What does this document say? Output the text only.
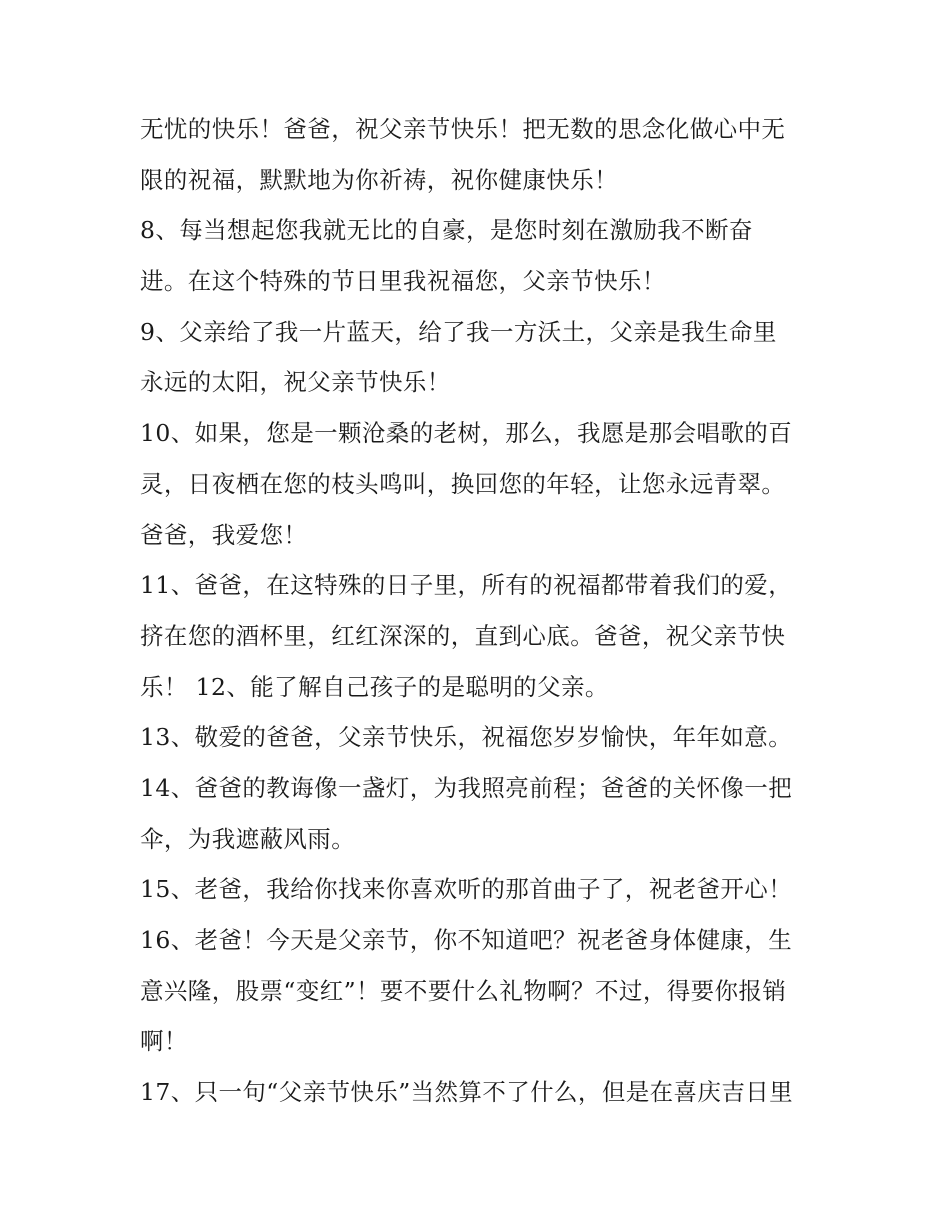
无忧的快乐！爸爸，祝父亲节快乐！把无数的思念化做心中无
限的祝福，默默地为你祈祷，祝你健康快乐！
8、每当想起您我就无比的自豪，是您时刻在激励我不断奋
进。在这个特殊的节日里我祝福您，父亲节快乐！
9、父亲给了我一片蓝天，给了我一方沃土，父亲是我生命里
永远的太阳，祝父亲节快乐！
10、如果，您是一颗沧桑的老树，那么，我愿是那会唱歌的百
灵，日夜栖在您的枝头鸣叫，换回您的年轻，让您永远青翠。
爸爸，我爱您！
11、爸爸，在这特殊的日子里，所有的祝福都带着我们的爱，
挤在您的酒杯里，红红深深的，直到心底。爸爸，祝父亲节快
乐！ 12、能了解自己孩子的是聪明的父亲。
13、敬爱的爸爸，父亲节快乐，祝福您岁岁愉快，年年如意。
14、爸爸的教诲像一盏灯，为我照亮前程；爸爸的关怀像一把
伞，为我遮蔽风雨。
15、老爸，我给你找来你喜欢听的那首曲子了，祝老爸开心！
16、老爸！今天是父亲节，你不知道吧？祝老爸身体健康，生
意兴隆，股票“变红”！要不要什么礼物啊？不过，得要你报销
啊！
17、只一句“父亲节快乐”当然算不了什么，但是在喜庆吉日里
